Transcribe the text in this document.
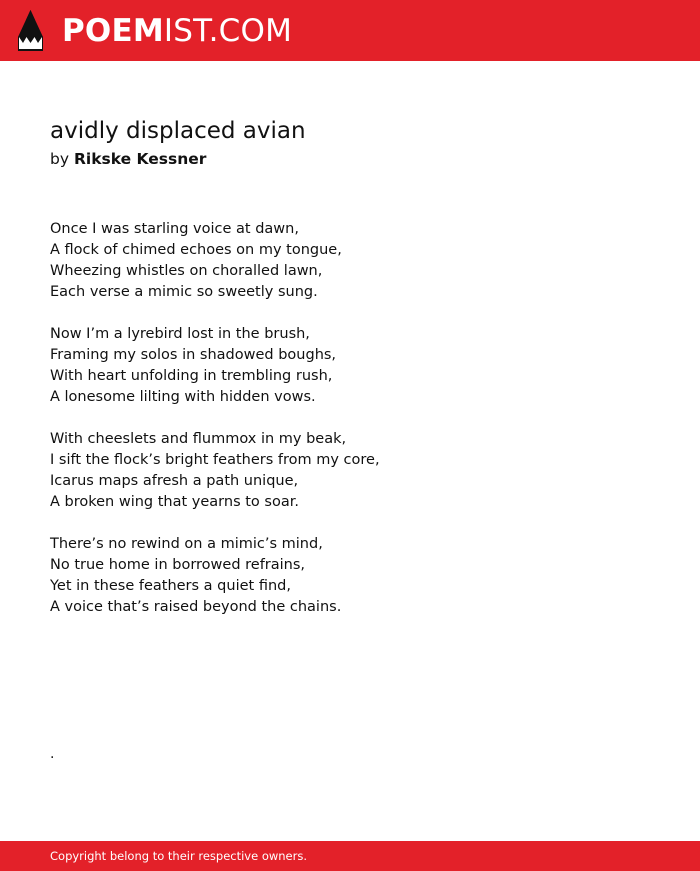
POEMIST.COM
avidly displaced avian
by Rikske Kessner
Once I was starling voice at dawn,
A flock of chimed echoes on my tongue,
Wheezing whistles on choralled lawn,
Each verse a mimic so sweetly sung.
Now I’m a lyrebird lost in the brush,
Framing my solos in shadowed boughs,
With heart unfolding in trembling rush,
A lonesome lilting with hidden vows.
With cheeslets and flummox in my beak,
I sift the flock’s bright feathers from my core,
Icarus maps afresh a path unique,
A broken wing that yearns to soar.
There’s no rewind on a mimic’s mind,
No true home in borrowed refrains,
Yet in these feathers a quiet find,
A voice that’s raised beyond the chains.
.
Copyright belong to their respective owners.
